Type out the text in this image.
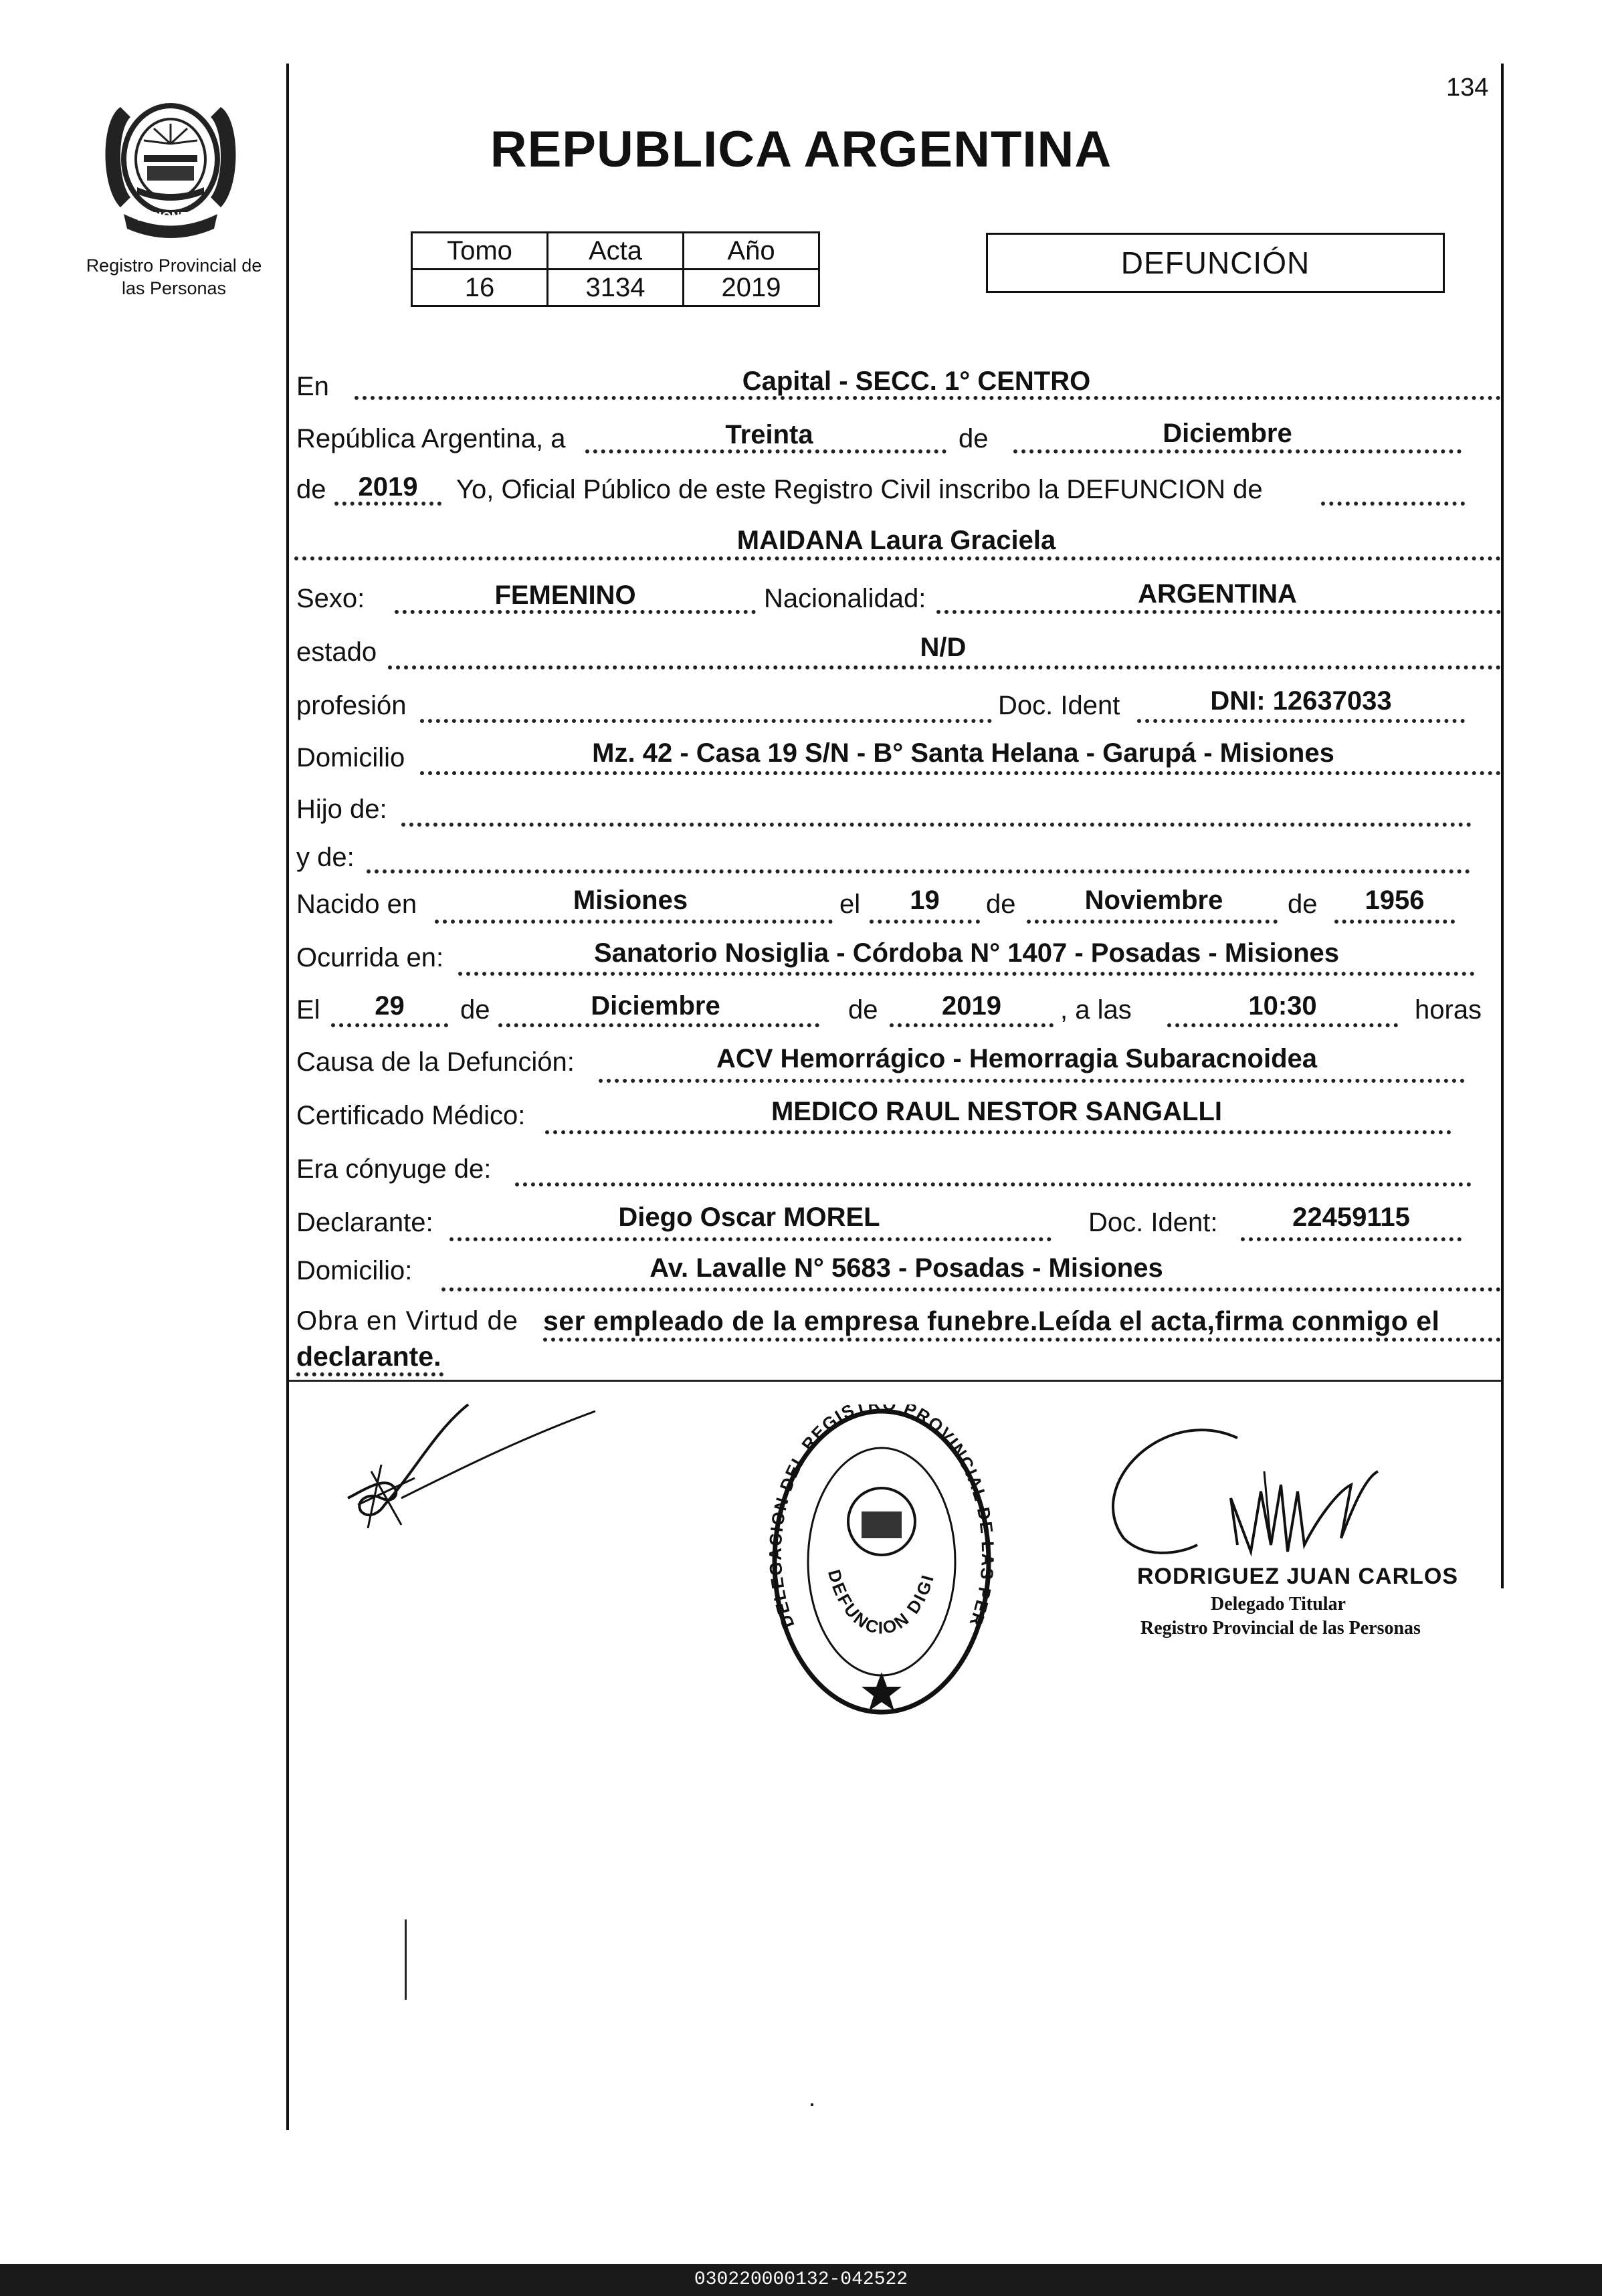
MISIONES
Registro Provincial de
las Personas
134
REPUBLICA ARGENTINA
Tomo	Acta	Año
16	3134	2019
DEFUNCIÓN
En	Capital - SECC. 1° CENTRO
República Argentina, a	Treinta	de	Diciembre
de	2019	Yo, Oficial Público de este Registro Civil inscribo la DEFUNCION de
MAIDANA Laura Graciela
Sexo:	FEMENINO	Nacionalidad:	ARGENTINA
estado	N/D
profesión	Doc. Ident	DNI: 12637033
Domicilio	Mz. 42 - Casa 19 S/N - B° Santa Helana - Garupá - Misiones
Hijo de:
y de:
Nacido en	Misiones	el	19	de	Noviembre	de	1956
Ocurrida en:	Sanatorio Nosiglia - Córdoba N° 1407 - Posadas - Misiones
El	29	de	Diciembre	de	2019	, a las	10:30	horas
Causa de la Defunción:	ACV Hemorrágico - Hemorragia Subaracnoidea
Certificado Médico:	MEDICO RAUL NESTOR SANGALLI
Era cónyuge de:
Declarante:	Diego Oscar MOREL	Doc. Ident:	22459115
Domicilio:	Av. Lavalle N° 5683 - Posadas - Misiones
Obra en Virtud de ser empleado de la empresa funebre.Leída el acta,firma conmigo el
declarante.
DELE ION DEL REGIST PROVINCIAL DE PER
DEFUNCION DIGI	RODRIGUEZ JUAN CARLOS
Delegado Titular
Registro Provincial de las Personas
030220000132-042522
